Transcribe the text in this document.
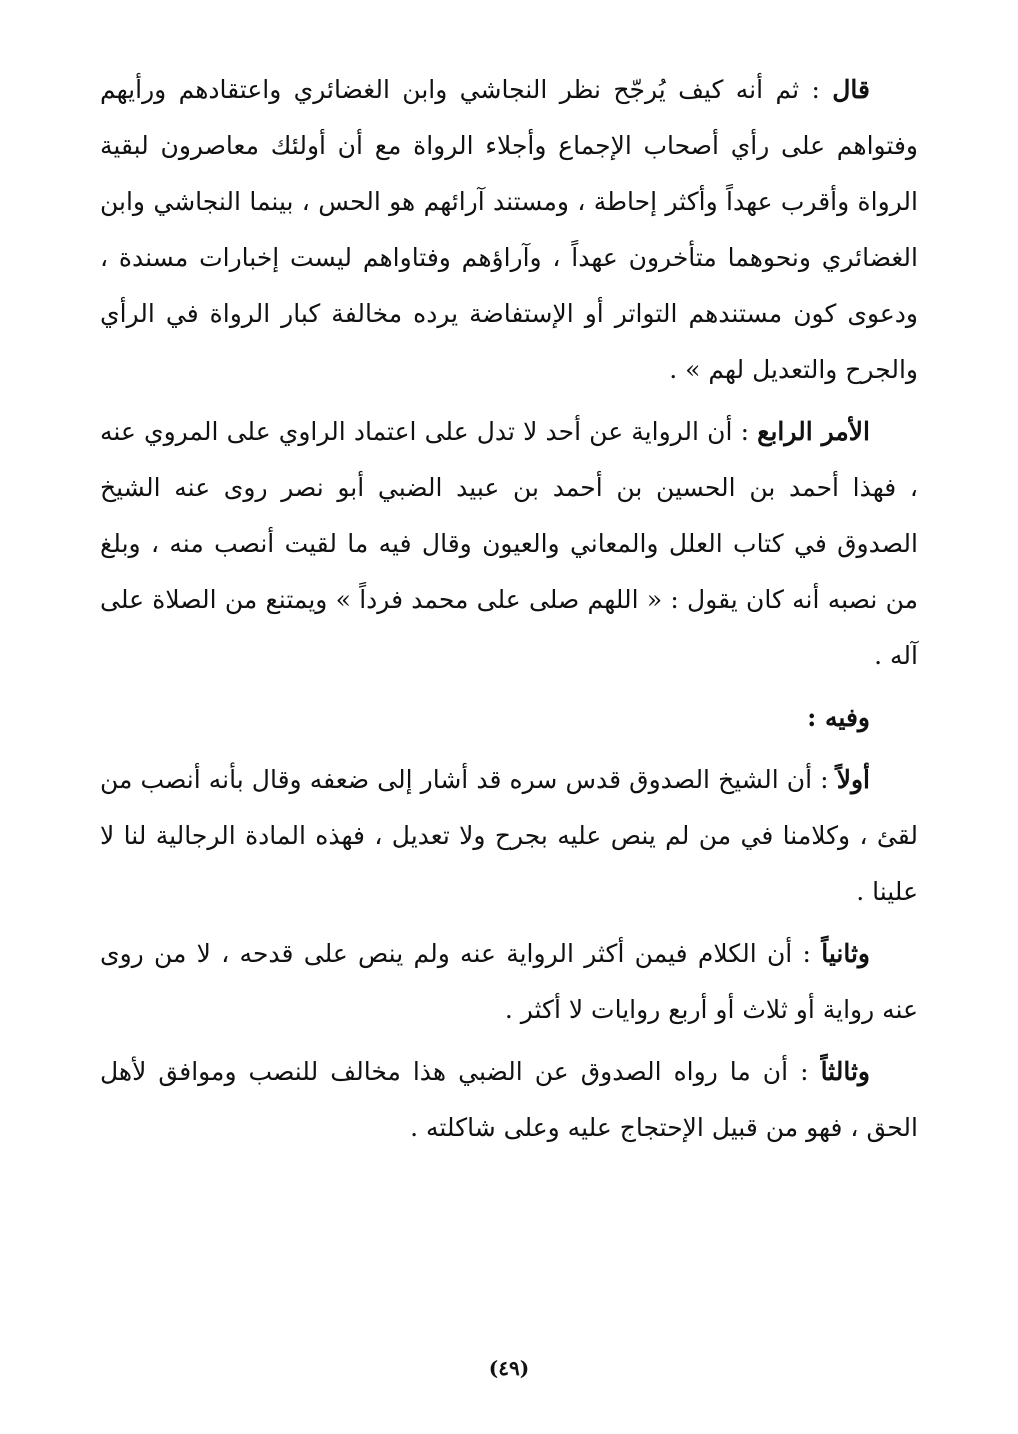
قال : ثم أنه كيف يُرجّح نظر النجاشي وابن الغضائري واعتقادهم ورأيهم وفتواهم على رأي أصحاب الإجماع وأجلاء الرواة مع أن أولئك معاصرون لبقية الرواة وأقرب عهداً وأكثر إحاطة ، ومستند آرائهم هو الحس ، بينما النجاشي وابن الغضائري ونحوهما متأخرون عهداً ، وآراؤهم وفتاواهم ليست إخبارات مسندة ، ودعوى كون مستندهم التواتر أو الإستفاضة يرده مخالفة كبار الرواة في الرأي والجرح والتعديل لهم » .

الأمر الرابع : أن الرواية عن أحد لا تدل على اعتماد الراوي على المروي عنه ، فهذا أحمد بن الحسين بن أحمد بن عبيد الضبي أبو نصر روى عنه الشيخ الصدوق في كتاب العلل والمعاني والعيون وقال فيه ما لقيت أنصب منه ، وبلغ من نصبه أنه كان يقول : « اللهم صلى على محمد فرداً » ويمتنع من الصلاة على آله .

وفيه :

أولاً : أن الشيخ الصدوق قدس سره قد أشار إلى ضعفه وقال بأنه أنصب من لقئ ، وكلامنا في من لم ينص عليه بجرح ولا تعديل ، فهذه المادة الرجالية لنا لا علينا .

وثانياً : أن الكلام فيمن أكثر الرواية عنه ولم ينص على قدحه ، لا من روى عنه رواية أو ثلاث أو أربع روايات لا أكثر .

وثالثاً : أن ما رواه الصدوق عن الضبي هذا مخالف للنصب وموافق لأهل الحق ، فهو من قبيل الإحتجاج عليه وعلى شاكلته .

(٤٩)
